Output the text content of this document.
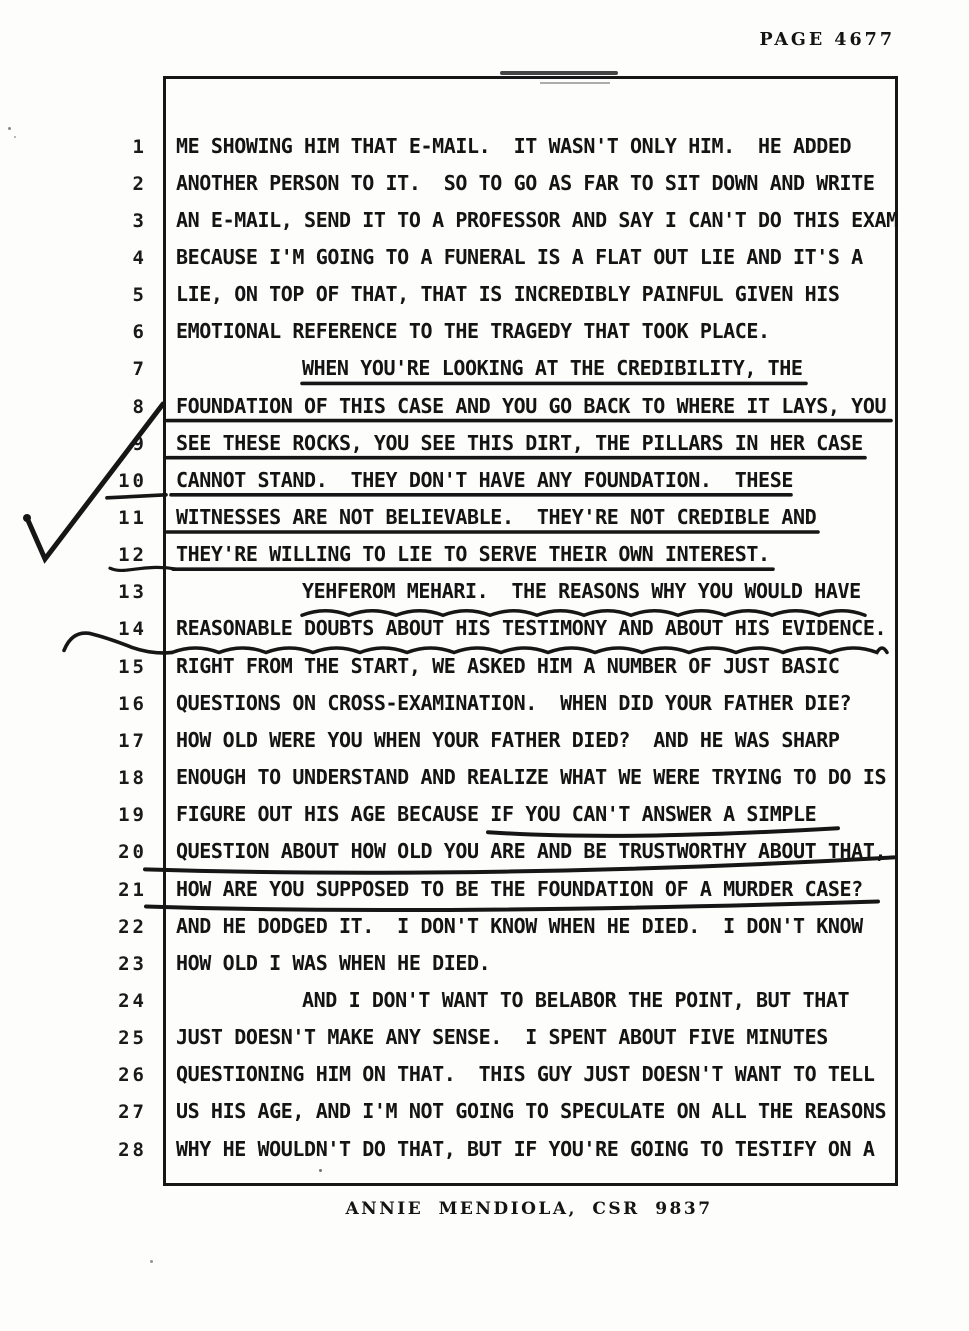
PAGE 4677
1 ME SHOWING HIM THAT E-MAIL.  IT WASN'T ONLY HIM.  HE ADDED
2 ANOTHER PERSON TO IT.  SO TO GO AS FAR TO SIT DOWN AND WRITE
3 AN E-MAIL, SEND IT TO A PROFESSOR AND SAY I CAN'T DO THIS EXAM
4 BECAUSE I'M GOING TO A FUNERAL IS A FLAT OUT LIE AND IT'S A
5 LIE, ON TOP OF THAT, THAT IS INCREDIBLY PAINFUL GIVEN HIS
6 EMOTIONAL REFERENCE TO THE TRAGEDY THAT TOOK PLACE.
7	WHEN YOU'RE LOOKING AT THE CREDIBILITY, THE
8 FOUNDATION OF THIS CASE AND YOU GO BACK TO WHERE IT LAYS, YOU
9 SEE THESE ROCKS, YOU SEE THIS DIRT, THE PILLARS IN HER CASE
10 CANNOT STAND.  THEY DON'T HAVE ANY FOUNDATION.  THESE
11 WITNESSES ARE NOT BELIEVABLE.  THEY'RE NOT CREDIBLE AND
12 THEY'RE WILLING TO LIE TO SERVE THEIR OWN INTEREST.
13	YEHFEROM MEHARI.  THE REASONS WHY YOU WOULD HAVE
14 REASONABLE DOUBTS ABOUT HIS TESTIMONY AND ABOUT HIS EVIDENCE.
15 RIGHT FROM THE START, WE ASKED HIM A NUMBER OF JUST BASIC
16 QUESTIONS ON CROSS-EXAMINATION.  WHEN DID YOUR FATHER DIE?
17 HOW OLD WERE YOU WHEN YOUR FATHER DIED?  AND HE WAS SHARP
18 ENOUGH TO UNDERSTAND AND REALIZE WHAT WE WERE TRYING TO DO IS
19 FIGURE OUT HIS AGE BECAUSE IF YOU CAN'T ANSWER A SIMPLE
20 QUESTION ABOUT HOW OLD YOU ARE AND BE TRUSTWORTHY ABOUT THAT,
21 HOW ARE YOU SUPPOSED TO BE THE FOUNDATION OF A MURDER CASE?
22 AND HE DODGED IT.  I DON'T KNOW WHEN HE DIED.  I DON'T KNOW
23 HOW OLD I WAS WHEN HE DIED.
24	AND I DON'T WANT TO BELABOR THE POINT, BUT THAT
25 JUST DOESN'T MAKE ANY SENSE.  I SPENT ABOUT FIVE MINUTES
26 QUESTIONING HIM ON THAT.  THIS GUY JUST DOESN'T WANT TO TELL
27 US HIS AGE, AND I'M NOT GOING TO SPECULATE ON ALL THE REASONS
28 WHY HE WOULDN'T DO THAT, BUT IF YOU'RE GOING TO TESTIFY ON A
ANNIE MENDIOLA, CSR 9837
